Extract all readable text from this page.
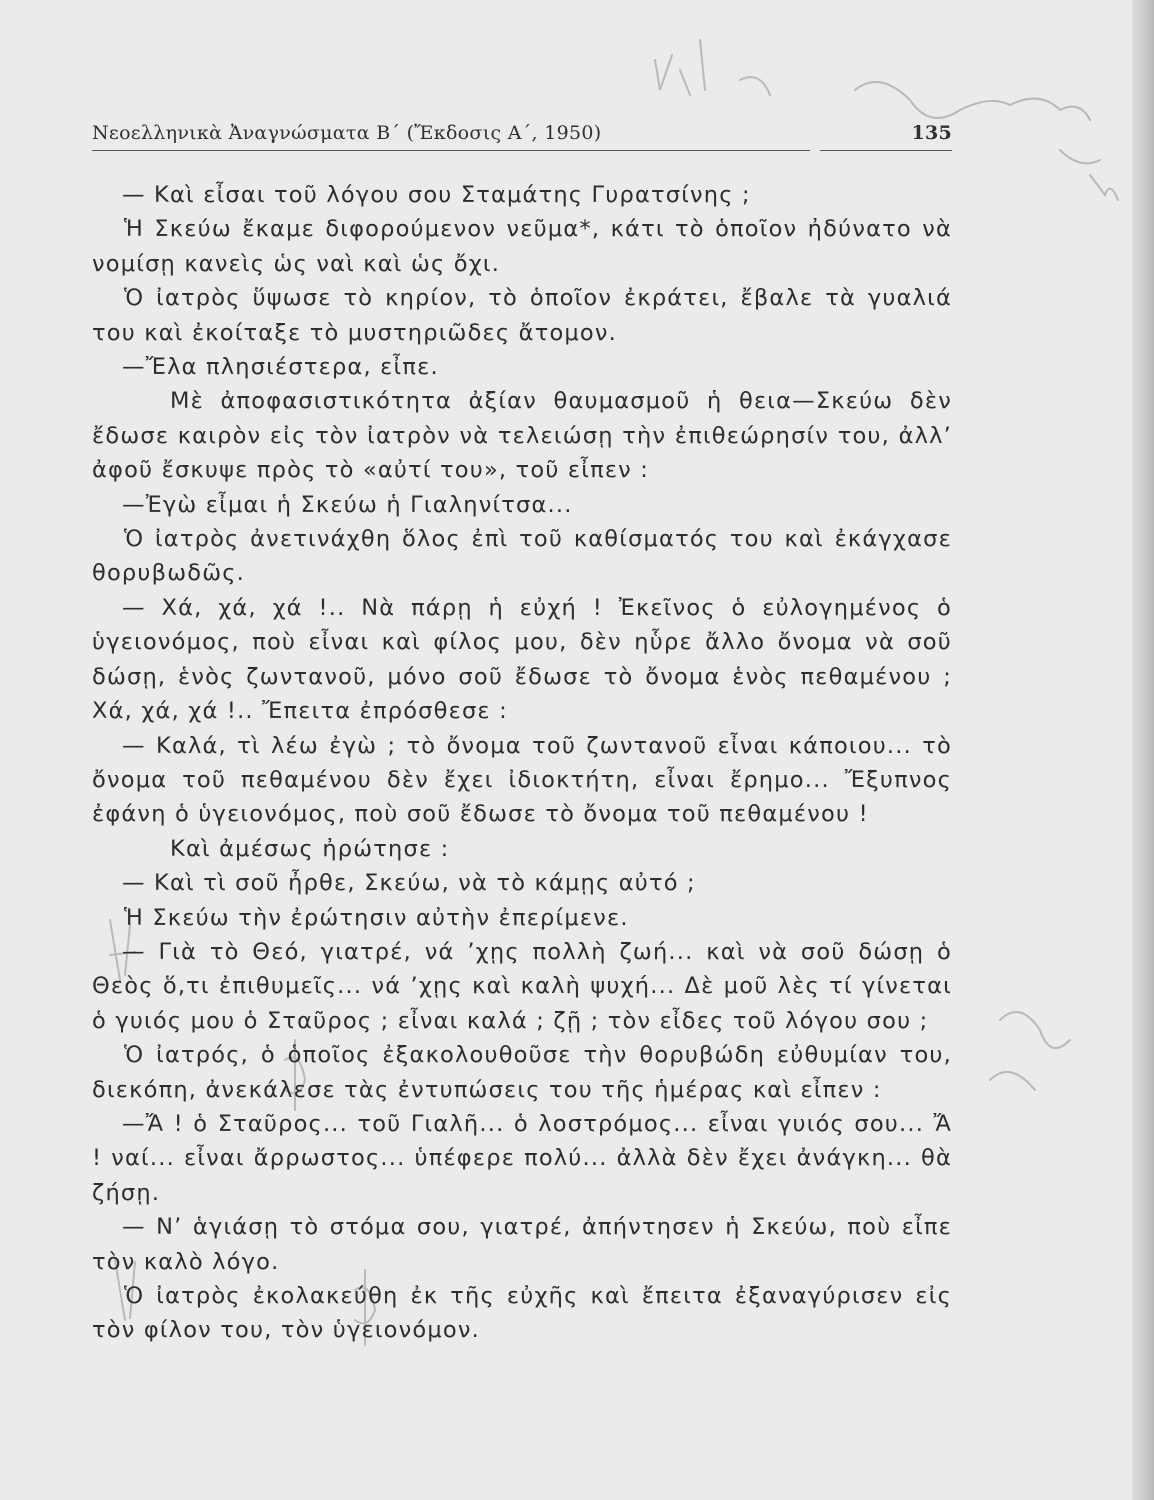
Νεοελληνικὰ Ἀναγνώσματα Β΄ (Ἔκδοσις Α΄, 1950)	135

— Καὶ εἶσαι τοῦ λόγου σου Σταμάτης Γυρατσίνης ;

Ἡ Σκεύω ἔκαμε διφορούμενον νεῦμα*, κάτι τὸ ὁποῖον ἠδύνατο νὰ νομίσῃ κανεὶς ὡς ναὶ καὶ ὡς ὄχι.

Ὁ ἰατρὸς ὕψωσε τὸ κηρίον, τὸ ὁποῖον ἐκράτει, ἔβαλε τὰ γυαλιά του καὶ ἐκοίταξε τὸ μυστηριῶδες ἄτομον.

—Ἔλα πλησιέστερα, εἶπε.

Μὲ ἀποφασιστικότητα ἀξίαν θαυμασμοῦ ἡ θεια—Σκεύω δὲν ἔδωσε καιρὸν εἰς τὸν ἰατρὸν νὰ τελειώσῃ τὴν ἐπιθεώρησίν του, ἀλλ’ ἀφοῦ ἔσκυψε πρὸς τὸ «αὐτί του», τοῦ εἶπεν :

—Ἐγὼ εἶμαι ἡ Σκεύω ἡ Γιαληνίτσα...

Ὁ ἰατρὸς ἀνετινάχθη ὅλος ἐπὶ τοῦ καθίσματός του καὶ ἐκάγχασε θορυβωδῶς.

— Χά, χά, χά !.. Νὰ πάρῃ ἡ εὐχή ! Ἐκεῖνος ὁ εὐλογημένος ὁ ὑγειονόμος, ποὺ εἶναι καὶ φίλος μου, δὲν ηὗρε ἄλλο ὄνομα νὰ σοῦ δώσῃ, ἑνὸς ζωντανοῦ, μόνο σοῦ ἔδωσε τὸ ὄνομα ἑνὸς πεθαμένου ; Χά, χά, χά !.. Ἔπειτα ἐπρόσθεσε :

— Καλά, τὶ λέω ἐγὼ ; τὸ ὄνομα τοῦ ζωντανοῦ εἶναι κάποιου... τὸ ὄνομα τοῦ πεθαμένου δὲν ἔχει ἰδιοκτήτη, εἶναι ἔρημο... Ἔξυπνος ἐφάνη ὁ ὑγειονόμος, ποὺ σοῦ ἔδωσε τὸ ὄνομα τοῦ πεθαμένου !

Καὶ ἀμέσως ἠρώτησε :

— Καὶ τὶ σοῦ ἦρθε, Σκεύω, νὰ τὸ κάμῃς αὐτό ;

Ἡ Σκεύω τὴν ἐρώτησιν αὐτὴν ἐπερίμενε.

— Γιὰ τὸ Θεό, γιατρέ, νά ’χῃς πολλὴ ζωή... καὶ νὰ σοῦ δώσῃ ὁ Θεὸς ὅ,τι ἐπιθυμεῖς... νά ’χῃς καὶ καλὴ ψυχή... Δὲ μοῦ λὲς τί γίνεται ὁ γυιός μου ὁ Σταῦρος ; εἶναι καλά ; ζῇ ; τὸν εἶδες τοῦ λόγου σου ;

Ὁ ἰατρός, ὁ ὁποῖος ἐξακολουθοῦσε τὴν θορυβώδη εὐθυμίαν του, διεκόπη, ἀνεκάλεσε τὰς ἐντυπώσεις του τῆς ἡμέρας καὶ εἶπεν :

—Ἄ ! ὁ Σταῦρος... τοῦ Γιαλῆ... ὁ λοστρόμος... εἶναι γυιός σου... Ἄ ! ναί... εἶναι ἄρρωστος... ὑπέφερε πολύ... ἀλλὰ δὲν ἔχει ἀνάγκη... θὰ ζήσῃ.

— Ν’ ἁγιάσῃ τὸ στόμα σου, γιατρέ, ἀπήντησεν ἡ Σκεύω, ποὺ εἶπε τὸν καλὸ λόγο.

Ὁ ἰατρὸς ἐκολακεύθη ἐκ τῆς εὐχῆς καὶ ἔπειτα ἐξαναγύρισεν εἰς τὸν φίλον του, τὸν ὑγειονόμον.
